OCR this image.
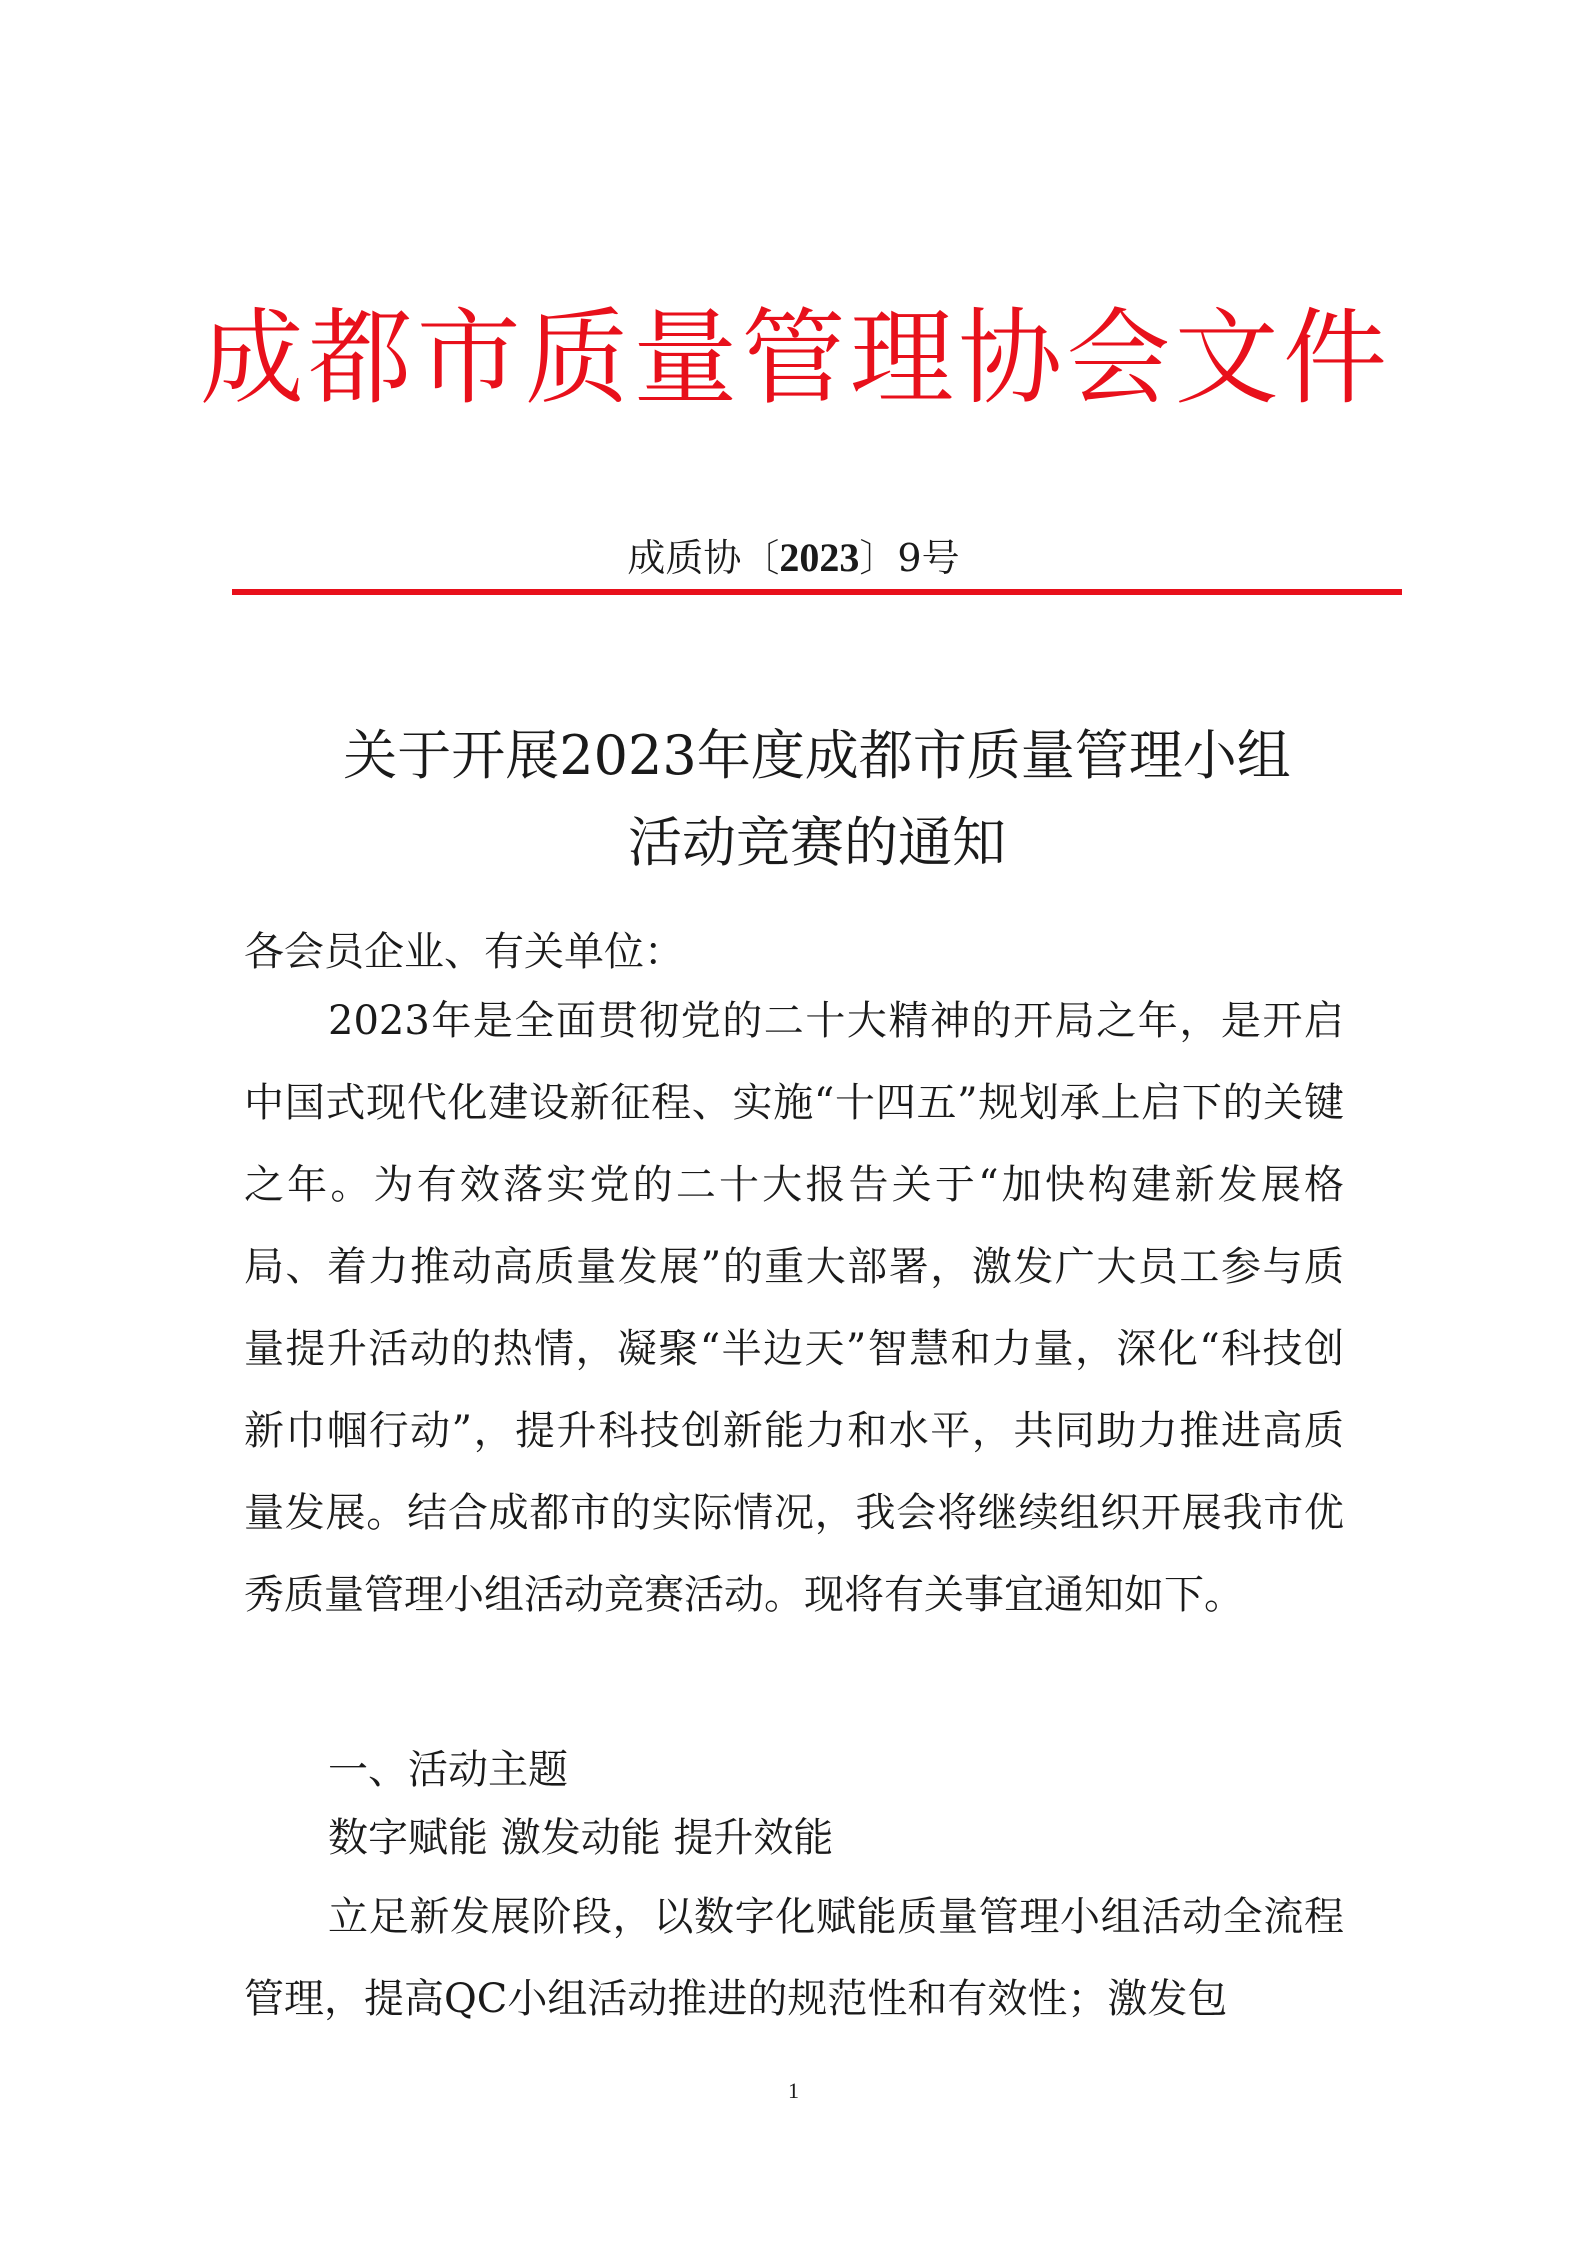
成 都 市 质 量 管 理 协 会 文 件
成质协〔2023〕9号
关于开展2023年度成都市质量管理小组
活动竞赛的通知
各会员企业、有关单位：
2023年是全面贯彻党的二十大精神的开局之年，是开启中国式现代化建设新征程、实施“十四五”规划承上启下的关键之年。为有效落实党的二十大报告关于“加快构建新发展格局、着力推动高质量发展”的重大部署，激发广大员工参与质量提升活动的热情，凝聚“半边天”智慧和力量，深化“科技创新巾帼行动”，提升科技创新能力和水平，共同助力推进高质量发展。结合成都市的实际情况，我会将继续组织开展我市优秀质量管理小组活动竞赛活动。现将有关事宜通知如下。
一、活动主题
数字赋能 激发动能 提升效能
立足新发展阶段，以数字化赋能质量管理小组活动全流程管理，提高QC小组活动推进的规范性和有效性；激发包
1
